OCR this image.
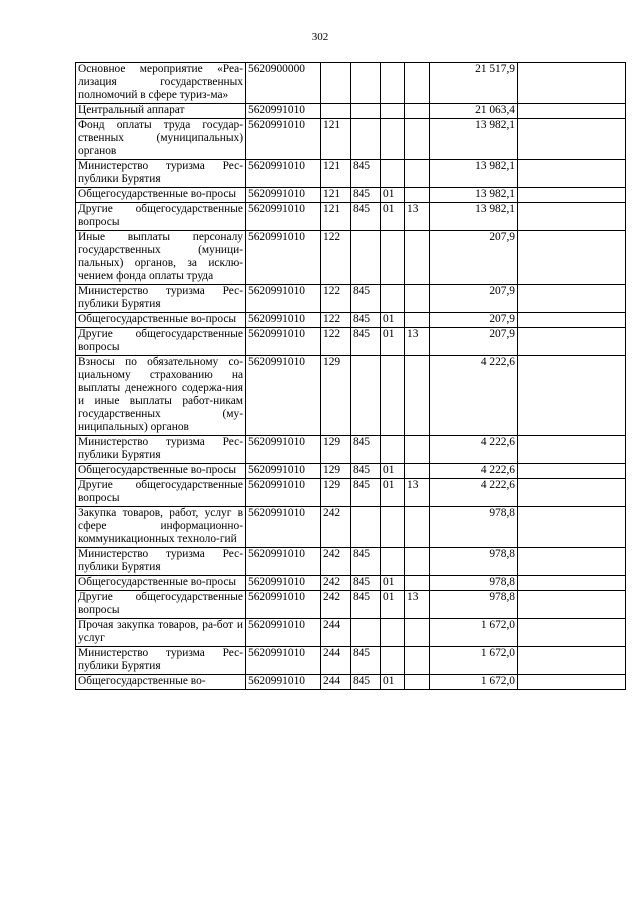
302
Основное мероприятие «Реа-лизация государственных полномочий в сфере туриз-ма»	5620900000					21 517,9	
Центральный аппарат	5620991010					21 063,4	
Фонд оплаты труда государ-ственных (муниципальных) органов	5620991010	121				13 982,1	
Министерство туризма Рес-публики Бурятия	5620991010	121	845			13 982,1	
Общегосударственные во-просы	5620991010	121	845	01		13 982,1	
Другие общегосударственные вопросы	5620991010	121	845	01	13	13 982,1	
Иные выплаты персоналу государственных (муници-пальных) органов, за исклю-чением фонда оплаты труда	5620991010	122				207,9	
Министерство туризма Рес-публики Бурятия	5620991010	122	845			207,9	
Общегосударственные во-просы	5620991010	122	845	01		207,9	
Другие общегосударственные вопросы	5620991010	122	845	01	13	207,9	
Взносы по обязательному со-циальному страхованию на выплаты денежного содержа-ния и иные выплаты работ-никам государственных (му-ниципальных) органов	5620991010	129				4 222,6	
Министерство туризма Рес-публики Бурятия	5620991010	129	845			4 222,6	
Общегосударственные во-просы	5620991010	129	845	01		4 222,6	
Другие общегосударственные вопросы	5620991010	129	845	01	13	4 222,6	
Закупка товаров, работ, услуг в сфере информационно-коммуникационных техноло-гий	5620991010	242				978,8	
Министерство туризма Рес-публики Бурятия	5620991010	242	845			978,8	
Общегосударственные во-просы	5620991010	242	845	01		978,8	
Другие общегосударственные вопросы	5620991010	242	845	01	13	978,8	
Прочая закупка товаров, ра-бот и услуг	5620991010	244				1 672,0	
Министерство туризма Рес-публики Бурятия	5620991010	244	845			1 672,0	
Общегосударственные во-	5620991010	244	845	01		1 672,0	
